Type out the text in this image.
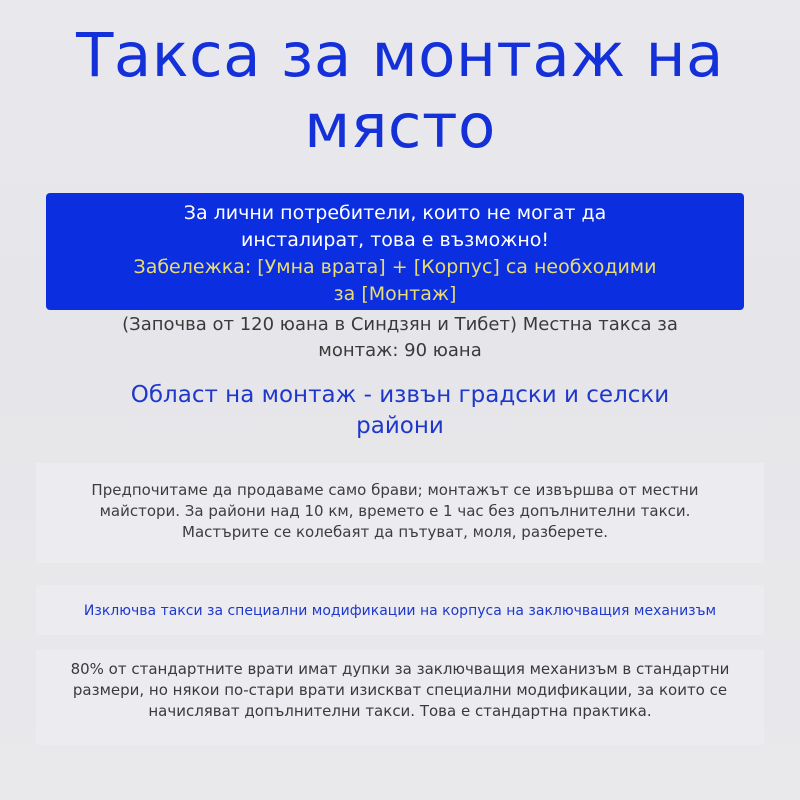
Такса за монтаж на
място
За лични потребители, които не могат да
инсталират, това е възможно!
Забележка: [Умна врата] + [Корпус] са необходими
за [Монтаж]
(Започва от 120 юана в Синдзян и Тибет) Местна такса за
монтаж: 90 юана
Област на монтаж - извън градски и селски
райони
Предпочитаме да продаваме само брави; монтажът се извършва от местни
майстори. За райони над 10 км, времето е 1 час без допълнителни такси.
Мастърите се колебаят да пътуват, моля, разберете.
Изключва такси за специални модификации на корпуса на заключващия механизъм
80% от стандартните врати имат дупки за заключващия механизъм в стандартни
размери, но някои по-стари врати изискват специални модификации, за които се
начисляват допълнителни такси. Това е стандартна практика.
